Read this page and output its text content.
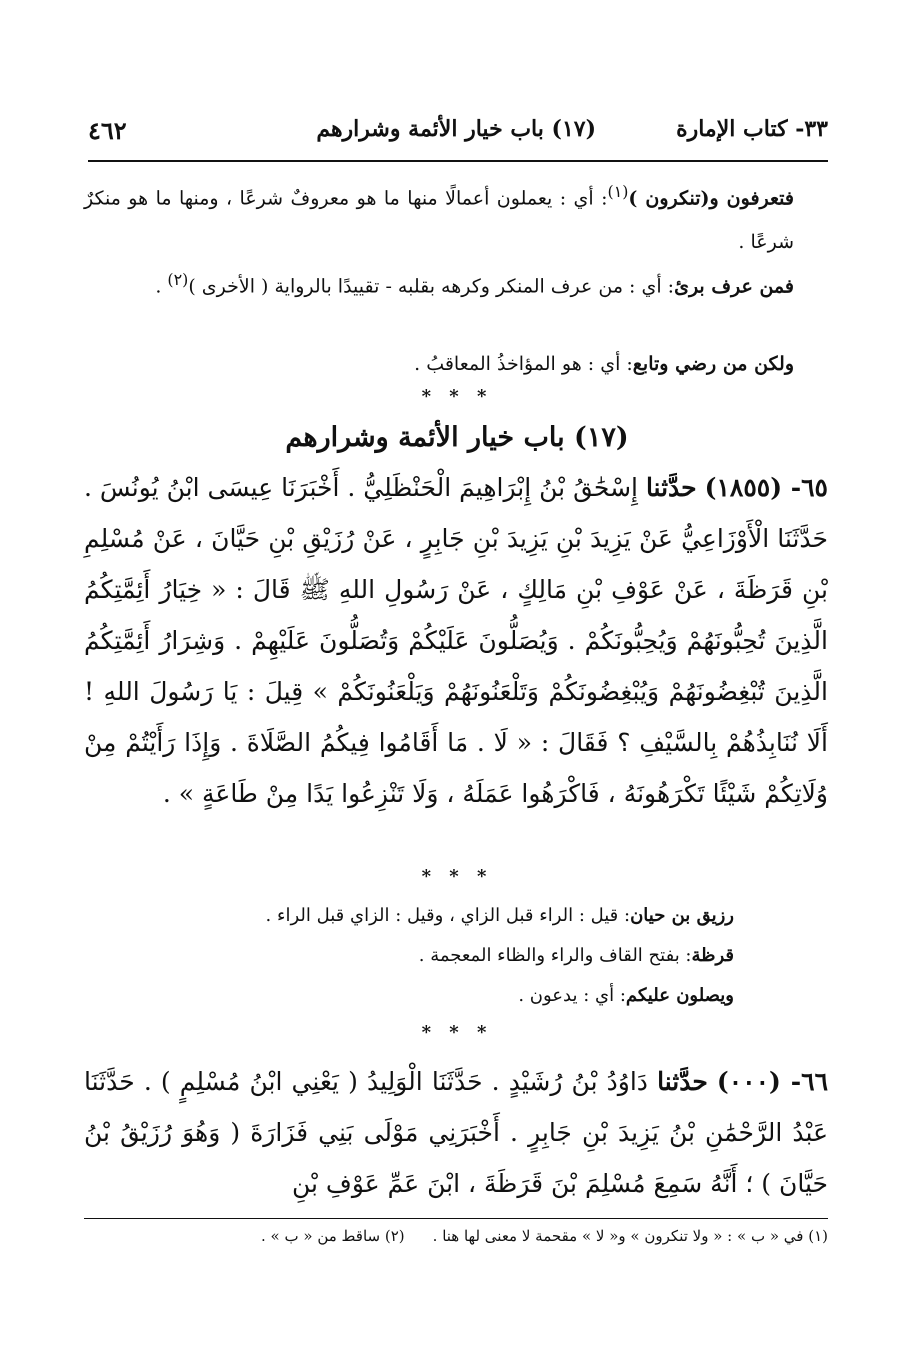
٣٣- كتاب الإمارة
(١٧) باب خيار الأئمة وشرارهم
٤٦٢

فتعرفون و(تنكرون )$^{(١)}$: أي : يعملون أعمالًا منها ما هو معروفٌ شرعًا ، ومنها ما هو منكرٌ شرعًا .

فمن عرف برئ: أي : من عرف المنكر وكرهه بقلبه - تقييدًا بالرواية ( الأخرى )$^{(٢)}$ .

ولكن من رضي وتابع: أي : هو المؤاخذُ المعاقبُ .

* * *
(١٧) باب خيار الأئمة وشرارهم

٦٥- (١٨٥٥) حدَّثنا إِسْحَٰقُ بْنُ إِبْرَاهِيمَ الْحَنْظَلِيُّ . أَخْبَرَنَا عِيسَى ابْنُ يُونُسَ . حَدَّثَنَا الْأَوْزَاعِيُّ عَنْ يَزِيدَ بْنِ يَزِيدَ بْنِ جَابِرٍ ، عَنْ رُزَيْقِ بْنِ حَيَّانَ ، عَنْ مُسْلِمِ بْنِ قَرَظَةَ ، عَنْ عَوْفِ بْنِ مَالِكٍ ، عَنْ رَسُولِ اللهِ ﷺ قَالَ : « خِيَارُ أَئِمَّتِكُمُ الَّذِينَ تُحِبُّونَهُمْ وَيُحِبُّونَكُمْ . وَيُصَلُّونَ عَلَيْكُمْ وَتُصَلُّونَ عَلَيْهِمْ . وَشِرَارُ أَئِمَّتِكُمُ الَّذِينَ تُبْغِضُونَهُمْ وَيُبْغِضُونَكُمْ وَتَلْعَنُونَهُمْ وَيَلْعَنُونَكُمْ » قِيلَ : يَا رَسُولَ اللهِ ! أَلَا نُنَابِذُهُمْ بِالسَّيْفِ ؟ فَقَالَ : « لَا . مَا أَقَامُوا فِيكُمُ الصَّلَاةَ . وَإِذَا رَأَيْتُمْ مِنْ وُلَاتِكُمْ شَيْئًا تَكْرَهُونَهُ ، فَاكْرَهُوا عَمَلَهُ ، وَلَا تَنْزِعُوا يَدًا مِنْ طَاعَةٍ » .

* * *

رزيق بن حيان: قيل : الراء قبل الزاي ، وقيل : الزاي قبل الراء .

قرظة: بفتح القاف والراء والظاء المعجمة .

ويصلون عليكم: أي : يدعون .

* * *

٦٦- (٠٠٠) حدَّثنا دَاوُدُ بْنُ رُشَيْدٍ . حَدَّثَنَا الْوَلِيدُ ( يَعْنِي ابْنُ مُسْلِمٍ ) . حَدَّثَنَا عَبْدُ الرَّحْمَٰنِ بْنُ يَزِيدَ بْنِ جَابِرٍ . أَخْبَرَنِي مَوْلَى بَنِي فَزَارَةَ ( وَهُوَ رُزَيْقُ بْنُ حَيَّانَ ) ؛ أَنَّهُ سَمِعَ مُسْلِمَ بْنَ قَرَظَةَ ، ابْنَ عَمِّ عَوْفِ بْنِ

(١) في « ب » : « ولا تنكرون » و« لا » مقحمة لا معنى لها هنا .(٢) ساقط من « ب » .
